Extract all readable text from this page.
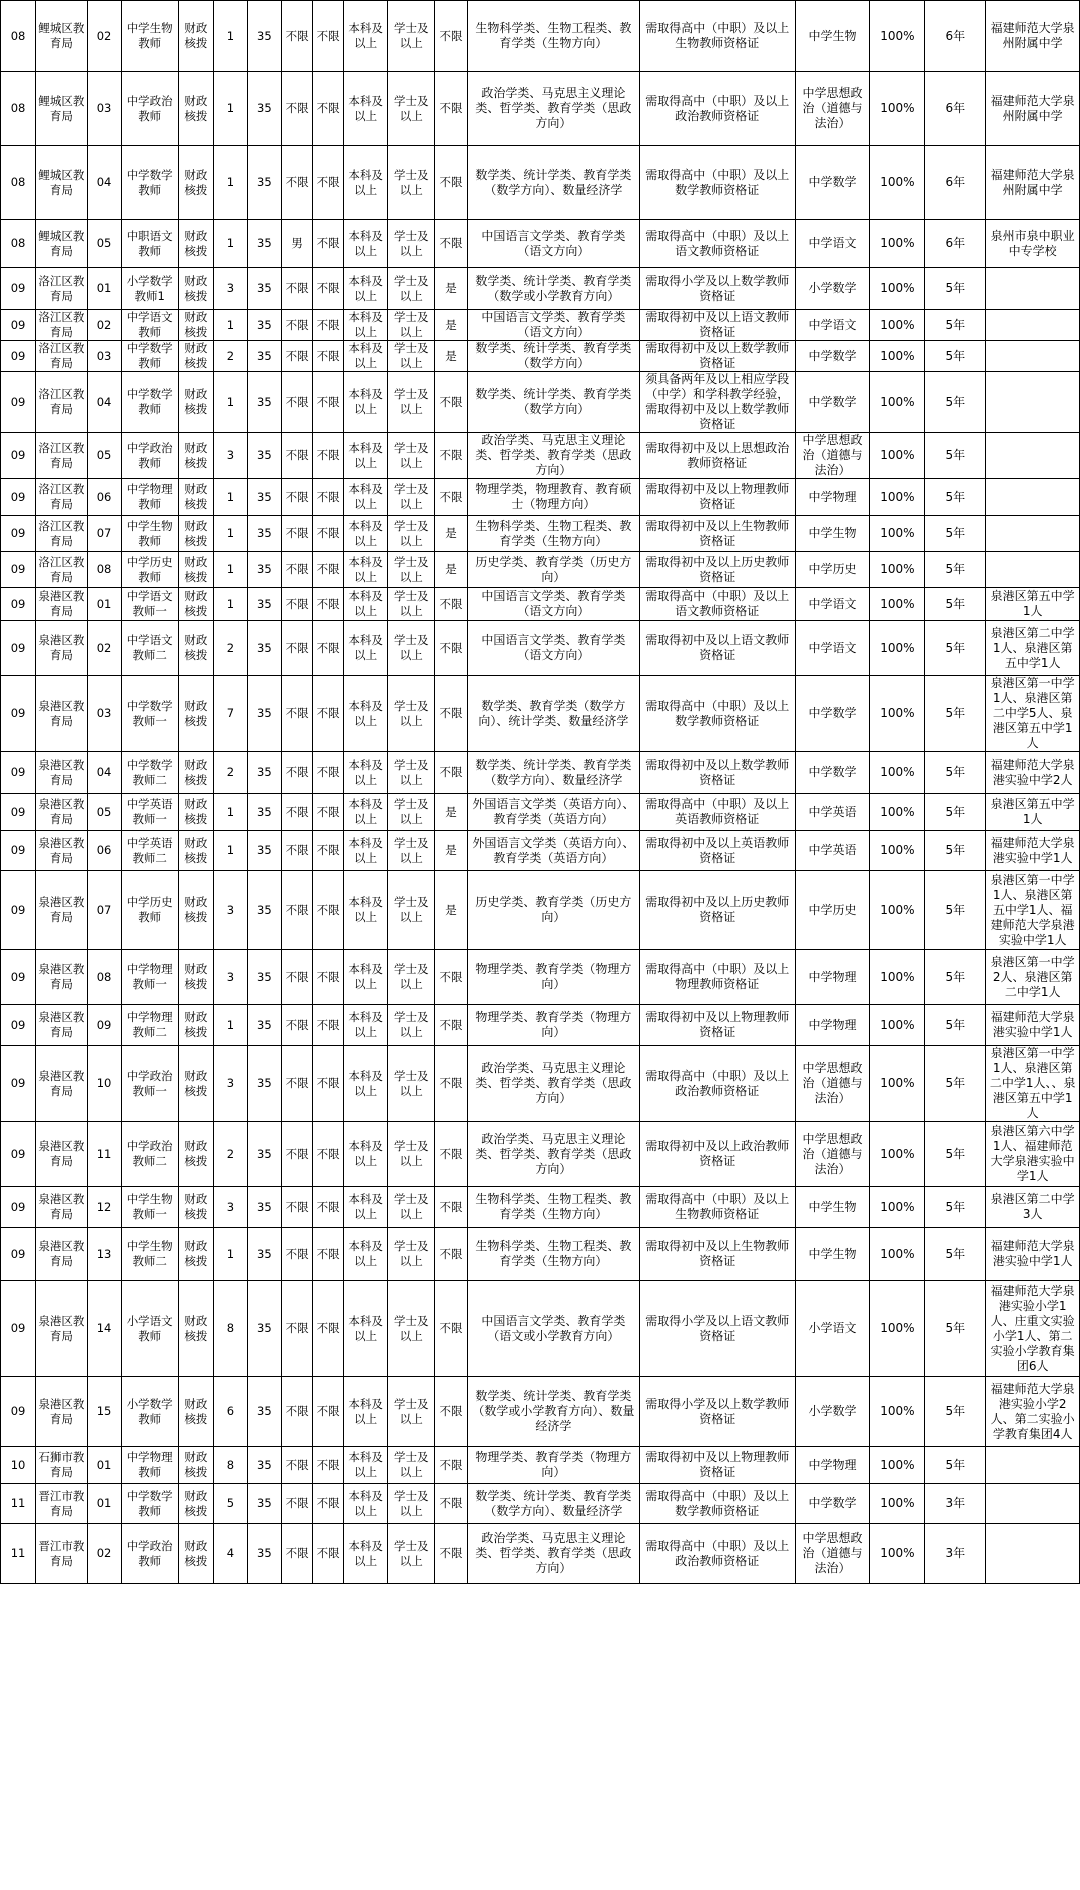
08	鲤城区教育局	02	中学生物教师	财政核拨	1	35	不限	不限	本科及以上	学士及以上	不限	生物科学类、生物工程类、教育学类（生物方向）	需取得高中（中职）及以上生物教师资格证	中学生物	100%	6年	福建师范大学泉州附属中学
08	鲤城区教育局	03	中学政治教师	财政核拨	1	35	不限	不限	本科及以上	学士及以上	不限	政治学类、马克思主义理论类、哲学类、教育学类（思政方向）	需取得高中（中职）及以上政治教师资格证	中学思想政治（道德与法治）	100%	6年	福建师范大学泉州附属中学
08	鲤城区教育局	04	中学数学教师	财政核拨	1	35	不限	不限	本科及以上	学士及以上	不限	数学类、统计学类、教育学类（数学方向）、数量经济学	需取得高中（中职）及以上数学教师资格证	中学数学	100%	6年	福建师范大学泉州附属中学
08	鲤城区教育局	05	中职语文教师	财政核拨	1	35	男	不限	本科及以上	学士及以上	不限	中国语言文学类、教育学类（语文方向）	需取得高中（中职）及以上语文教师资格证	中学语文	100%	6年	泉州市泉中职业中专学校
09	洛江区教育局	01	小学数学教师1	财政核拨	3	35	不限	不限	本科及以上	学士及以上	是	数学类、统计学类、教育学类（数学或小学教育方向）	需取得小学及以上数学教师资格证	小学数学	100%	5年	
09	洛江区教育局	02	中学语文教师	财政核拨	1	35	不限	不限	本科及以上	学士及以上	是	中国语言文学类、教育学类（语文方向）	需取得初中及以上语文教师资格证	中学语文	100%	5年	
09	洛江区教育局	03	中学数学教师	财政核拨	2	35	不限	不限	本科及以上	学士及以上	是	数学类、统计学类、教育学类（数学方向）	需取得初中及以上数学教师资格证	中学数学	100%	5年	
09	洛江区教育局	04	中学数学教师	财政核拨	1	35	不限	不限	本科及以上	学士及以上	不限	数学类、统计学类、教育学类（数学方向）	须具备两年及以上相应学段（中学）和学科教学经验，需取得初中及以上数学教师资格证	中学数学	100%	5年	
09	洛江区教育局	05	中学政治教师	财政核拨	3	35	不限	不限	本科及以上	学士及以上	不限	政治学类、马克思主义理论类、哲学类、教育学类（思政方向）	需取得初中及以上思想政治教师资格证	中学思想政治（道德与法治）	100%	5年	
09	洛江区教育局	06	中学物理教师	财政核拨	1	35	不限	不限	本科及以上	学士及以上	不限	物理学类，物理教育、教育硕士（物理方向）	需取得初中及以上物理教师资格证	中学物理	100%	5年	
09	洛江区教育局	07	中学生物教师	财政核拨	1	35	不限	不限	本科及以上	学士及以上	是	生物科学类、生物工程类、教育学类（生物方向）	需取得初中及以上生物教师资格证	中学生物	100%	5年	
09	洛江区教育局	08	中学历史教师	财政核拨	1	35	不限	不限	本科及以上	学士及以上	是	历史学类、教育学类（历史方向）	需取得初中及以上历史教师资格证	中学历史	100%	5年	
09	泉港区教育局	01	中学语文教师一	财政核拨	1	35	不限	不限	本科及以上	学士及以上	不限	中国语言文学类、教育学类（语文方向）	需取得高中（中职）及以上语文教师资格证	中学语文	100%	5年	泉港区第五中学1人
09	泉港区教育局	02	中学语文教师二	财政核拨	2	35	不限	不限	本科及以上	学士及以上	不限	中国语言文学类、教育学类（语文方向）	需取得初中及以上语文教师资格证	中学语文	100%	5年	泉港区第二中学1人、泉港区第五中学1人
09	泉港区教育局	03	中学数学教师一	财政核拨	7	35	不限	不限	本科及以上	学士及以上	不限	数学类、教育学类（数学方向）、统计学类、数量经济学	需取得高中（中职）及以上数学教师资格证	中学数学	100%	5年	泉港区第一中学1人、泉港区第二中学5人、泉港区第五中学1人
09	泉港区教育局	04	中学数学教师二	财政核拨	2	35	不限	不限	本科及以上	学士及以上	不限	数学类、统计学类、教育学类（数学方向）、数量经济学	需取得初中及以上数学教师资格证	中学数学	100%	5年	福建师范大学泉港实验中学2人
09	泉港区教育局	05	中学英语教师一	财政核拨	1	35	不限	不限	本科及以上	学士及以上	是	外国语言文学类（英语方向）、教育学类（英语方向）	需取得高中（中职）及以上英语教师资格证	中学英语	100%	5年	泉港区第五中学1人
09	泉港区教育局	06	中学英语教师二	财政核拨	1	35	不限	不限	本科及以上	学士及以上	是	外国语言文学类（英语方向）、教育学类（英语方向）	需取得初中及以上英语教师资格证	中学英语	100%	5年	福建师范大学泉港实验中学1人
09	泉港区教育局	07	中学历史教师	财政核拨	3	35	不限	不限	本科及以上	学士及以上	是	历史学类、教育学类（历史方向）	需取得初中及以上历史教师资格证	中学历史	100%	5年	泉港区第一中学1人、泉港区第五中学1人、福建师范大学泉港实验中学1人
09	泉港区教育局	08	中学物理教师一	财政核拨	3	35	不限	不限	本科及以上	学士及以上	不限	物理学类、教育学类（物理方向）	需取得高中（中职）及以上物理教师资格证	中学物理	100%	5年	泉港区第一中学2人、泉港区第二中学1人
09	泉港区教育局	09	中学物理教师二	财政核拨	1	35	不限	不限	本科及以上	学士及以上	不限	物理学类、教育学类（物理方向）	需取得初中及以上物理教师资格证	中学物理	100%	5年	福建师范大学泉港实验中学1人
09	泉港区教育局	10	中学政治教师一	财政核拨	3	35	不限	不限	本科及以上	学士及以上	不限	政治学类、马克思主义理论类、哲学类、教育学类（思政方向）	需取得高中（中职）及以上政治教师资格证	中学思想政治（道德与法治）	100%	5年	泉港区第一中学1人、泉港区第二中学1人、、泉港区第五中学1人
09	泉港区教育局	11	中学政治教师二	财政核拨	2	35	不限	不限	本科及以上	学士及以上	不限	政治学类、马克思主义理论类、哲学类、教育学类（思政方向）	需取得初中及以上政治教师资格证	中学思想政治（道德与法治）	100%	5年	泉港区第六中学1人、福建师范大学泉港实验中学1人
09	泉港区教育局	12	中学生物教师一	财政核拨	3	35	不限	不限	本科及以上	学士及以上	不限	生物科学类、生物工程类、教育学类（生物方向）	需取得高中（中职）及以上生物教师资格证	中学生物	100%	5年	泉港区第二中学3人
09	泉港区教育局	13	中学生物教师二	财政核拨	1	35	不限	不限	本科及以上	学士及以上	不限	生物科学类、生物工程类、教育学类（生物方向）	需取得初中及以上生物教师资格证	中学生物	100%	5年	福建师范大学泉港实验中学1人
09	泉港区教育局	14	小学语文教师	财政核拨	8	35	不限	不限	本科及以上	学士及以上	不限	中国语言文学类、教育学类（语文或小学教育方向）	需取得小学及以上语文教师资格证	小学语文	100%	5年	福建师范大学泉港实验小学1人、庄重文实验小学1人、第二实验小学教育集团6人
09	泉港区教育局	15	小学数学教师	财政核拨	6	35	不限	不限	本科及以上	学士及以上	不限	数学类、统计学类、教育学类（数学或小学教育方向）、数量经济学	需取得小学及以上数学教师资格证	小学数学	100%	5年	福建师范大学泉港实验小学2人、第二实验小学教育集团4人
10	石狮市教育局	01	中学物理教师	财政核拨	8	35	不限	不限	本科及以上	学士及以上	不限	物理学类、教育学类（物理方向）	需取得初中及以上物理教师资格证	中学物理	100%	5年	
11	晋江市教育局	01	中学数学教师	财政核拨	5	35	不限	不限	本科及以上	学士及以上	不限	数学类、统计学类、教育学类（数学方向）、数量经济学	需取得高中（中职）及以上数学教师资格证	中学数学	100%	3年	
11	晋江市教育局	02	中学政治教师	财政核拨	4	35	不限	不限	本科及以上	学士及以上	不限	政治学类、马克思主义理论类、哲学类、教育学类（思政方向）	需取得高中（中职）及以上政治教师资格证	中学思想政治（道德与法治）	100%	3年	
